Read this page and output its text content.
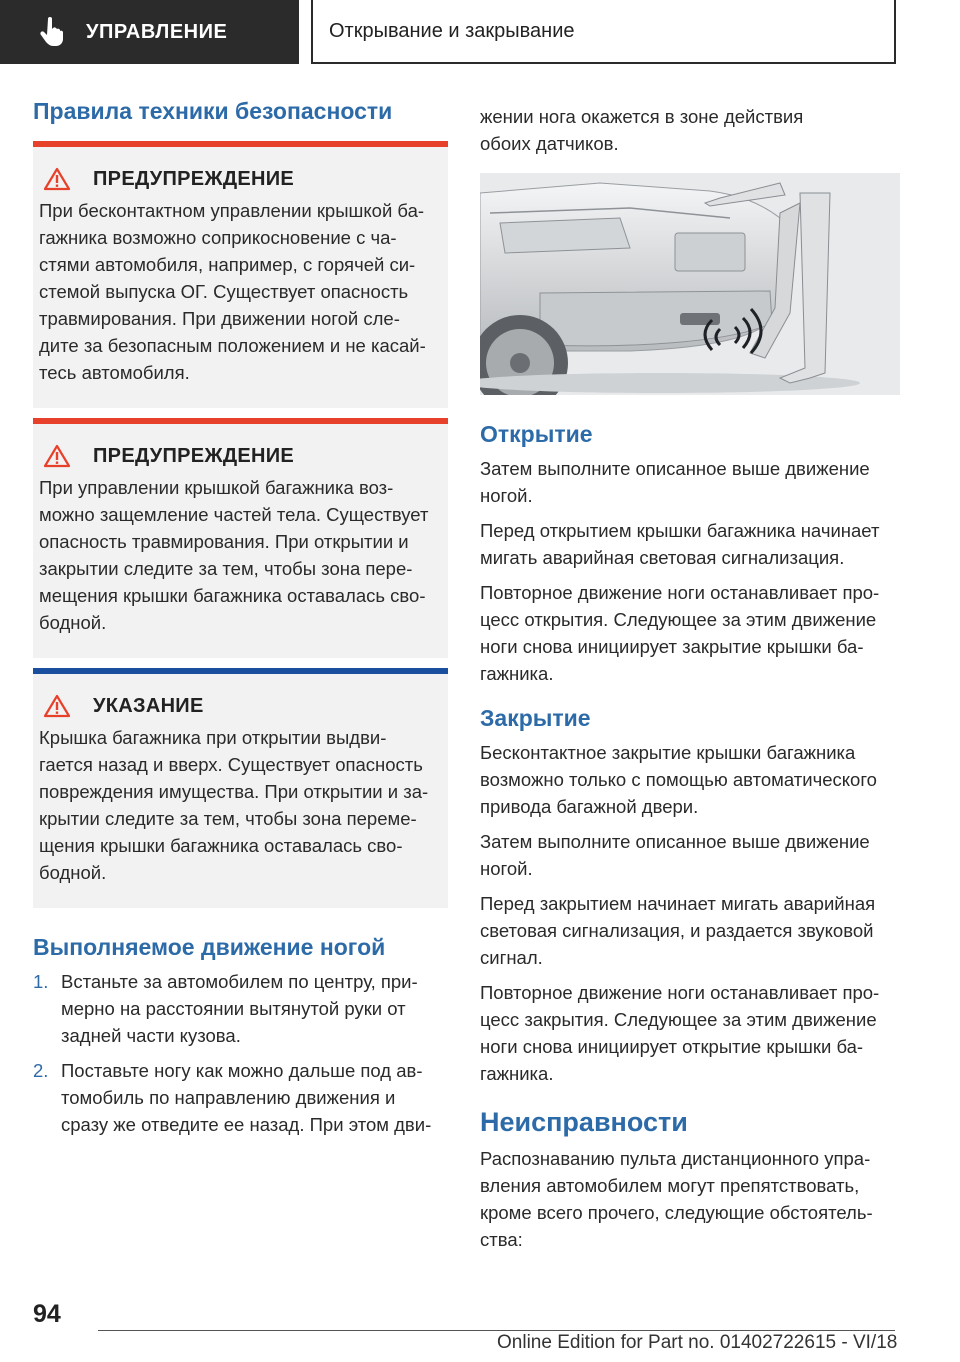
УПРАВЛЕНИЕ	Открывание и закрывание
Правила техники безопасности
ПРЕДУПРЕЖДЕНИЕ

При бесконтактном управлении крышкой ба-
гажника возможно соприкосновение с ча-
стями автомобиля, например, с горячей си-
стемой выпуска ОГ. Существует опасность
травмирования. При движении ногой сле-
дите за безопасным положением и не касай-
тесь автомобиля.

ПРЕДУПРЕЖДЕНИЕ

При управлении крышкой багажника воз-
можно защемление частей тела. Существует
опасность травмирования. При открытии и
закрытии следите за тем, чтобы зона пере-
мещения крышки багажника оставалась сво-
бодной.

УКАЗАНИЕ

Крышка багажника при открытии выдви-
гается назад и вверх. Существует опасность
повреждения имущества. При открытии и за-
крытии следите за тем, чтобы зона переме-
щения крышки багажника оставалась сво-
бодной.

Выполняемое движение ногой
1. Встаньте за автомобилем по центру, при-
мерно на расстоянии вытянутой руки от
задней части кузова.
2. Поставьте ногу как можно дальше под ав-
томобиль по направлению движения и
сразу же отведите ее назад. При этом дви-

жении нога окажется в зоне действия
обоих датчиков.

Открытие

Затем выполните описанное выше движение
ногой.

Перед открытием крышки багажника начинает
мигать аварийная световая сигнализация.

Повторное движение ноги останавливает про-
цесс открытия. Следующее за этим движение
ноги снова инициирует закрытие крышки ба-
гажника.

Закрытие

Бесконтактное закрытие крышки багажника
возможно только с помощью автоматического
привода багажной двери.

Затем выполните описанное выше движение
ногой.

Перед закрытием начинает мигать аварийная
световая сигнализация, и раздается звуковой
сигнал.

Повторное движение ноги останавливает про-
цесс закрытия. Следующее за этим движение
ноги снова инициирует открытие крышки ба-
гажника.

Неисправности

Распознаванию пульта дистанционного упра-
вления автомобилем могут препятствовать,
кроме всего прочего, следующие обстоятель-
ства:

94
Online Edition for Part no. 01402722615 - VI/18
